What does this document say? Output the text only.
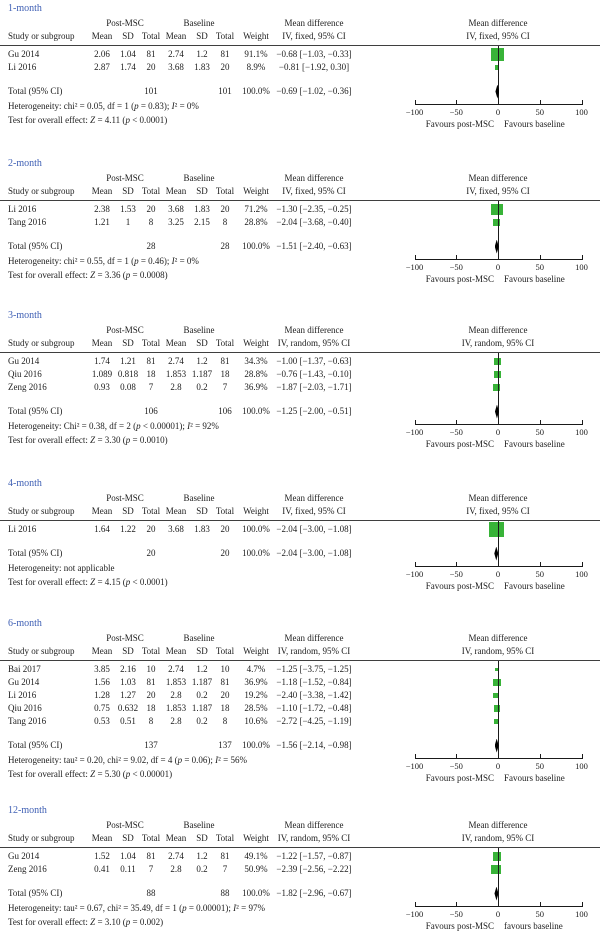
1-month
Post-MSC	Baseline	Mean difference	Mean difference
Study or subgroup	Mean	SD Total Mean	SD Total Weight	IV, fixed, 95% CI	IV, fixed, 95% CI
Gu 2014	2.06	1.04	81	2.74	1.2	81	91.1% −0.68 [−1.03, −0.33]
Li 2016	2.87	1.74	20	3.68	1.83	20	8.9%	−0.81 [−1.92, 0.30]
Total (95% CI)	101	101	100.0% −0.69 [−1.02, −0.36]
Heterogeneity: chi² = 0.05, df = 1 (p = 0.83); I² = 0%
Test for overall effect: Z = 4.11 (p < 0.0001)
−100	−50	0	50	100
Favours post-MSC Favours baseline
2-month
Post-MSC	Baseline	Mean difference	Mean difference
Study or subgroup	Mean	SD Total Mean	SD Total Weight	IV, fixed, 95% CI	IV, fixed, 95% CI
Li 2016	2.38	1.53	20	3.68	1.83	20	71.2% −1.30 [−2.35, −0.25]
Tang 2016	1.21	1	8	3.25	2.15	8	28.8% −2.04 [−3.68, −0.40]
Total (95% CI)	28	28	100.0% −1.51 [−2.40, −0.63]
Heterogeneity: chi² = 0.55, df = 1 (p = 0.46); I² = 0%
Test for overall effect: Z = 3.36 (p = 0.0008)
−100	−50	0	50	100
Favours post-MSC Favours baseline
3-month
Post-MSC	Baseline	Mean difference	Mean difference
Study or subgroup	Mean	SD Total Mean	SD Total Weight IV, random, 95% CI	IV, random, 95% CI
Gu 2014	1.74	1.21	81	2.74	1.2	81	34.3% −1.00 [−1.37, −0.63]
Qiu 2016	1.089 0.818 18	1.853 1.187 18	28.8% −0.76 [−1.43, −0.10]
Zeng 2016	0.93	0.08	7	2.8	0.2	7	36.9% −1.87 [−2.03, −1.71]
Total (95% CI)	106	106	100.0% −1.25 [−2.00, −0.51]
Heterogeneity: Chi² = 0.38, df = 2 (p < 0.00001); I² = 92%
Test for overall effect: Z = 3.30 (p = 0.0010)
−100	−50	0	50	100
Favours post-MSC Favours baseline
4-month
Post-MSC	Baseline	Mean difference	Mean difference
Study or subgroup	Mean	SD Total Mean	SD Total Weight	IV, fixed, 95% CI	IV, fixed, 95% CI
Li 2016	1.64	1.22	20	3.68	1.83	20	100.0% −2.04 [−3.00, −1.08]
Total (95% CI)	20	20	100.0% −2.04 [−3.00, −1.08]
Heterogeneity: not applicable
Test for overall effect: Z = 4.15 (p < 0.0001)
−100	−50	0	50	100
Favours post-MSC Favours baseline
6-month
Post-MSC	Baseline	Mean difference	Mean difference
Study or subgroup	Mean	SD Total Mean	SD Total Weight IV, random, 95% CI	IV, random, 95% CI
Bai 2017	3.85	2.16	10	2.74	1.2	10	4.7%	−1.25 [−3.75, −1.25]
Gu 2014	1.56	1.03	81	1.853 1.187 81	36.9% −1.18 [−1.52, −0.84]
Li 2016	1.28	1.27	20	2.8	0.2	20	19.2% −2.40 [−3.38, −1.42]
Qiu 2016	0.75 0.632 18	1.853 1.187 18	28.5% −1.10 [−1.72, −0.48]
Tang 2016	0.53	0.51	8	2.8	0.2	8	10.6% −2.72 [−4.25, −1.19]
Total (95% CI)	137	137	100.0% −1.56 [−2.14, −0.98]
Heterogeneity: tau² = 0.20, chi² = 9.02, df = 4 (p = 0.06); I² = 56%
Test for overall effect: Z = 5.30 (p < 0.00001)
−100	−50	0	50	100
Favours post-MSC Favours baseline
12-month
Post-MSC	Baseline	Mean difference	Mean difference
Study or subgroup	Mean	SD Total Mean	SD Total Weight IV, random, 95% CI	IV, random, 95% CI
Gu 2014	1.52	1.04	81	2.74	1.2	81	49.1% −1.22 [−1.57, −0.87]
Zeng 2016	0.41	0.11	7	2.8	0.2	7	50.9% −2.39 [−2.56, −2.22]
Total (95% CI)	88	88	100.0% −1.82 [−2.96, −0.67]
Heterogeneity: tau² = 0.67, chi² = 35.49, df = 1 (p = 0.00001); I² = 97%
Test for overall effect: Z = 3.10 (p = 0.002)
−100	−50	0	50	100
Favours post-MSC favours baseline
